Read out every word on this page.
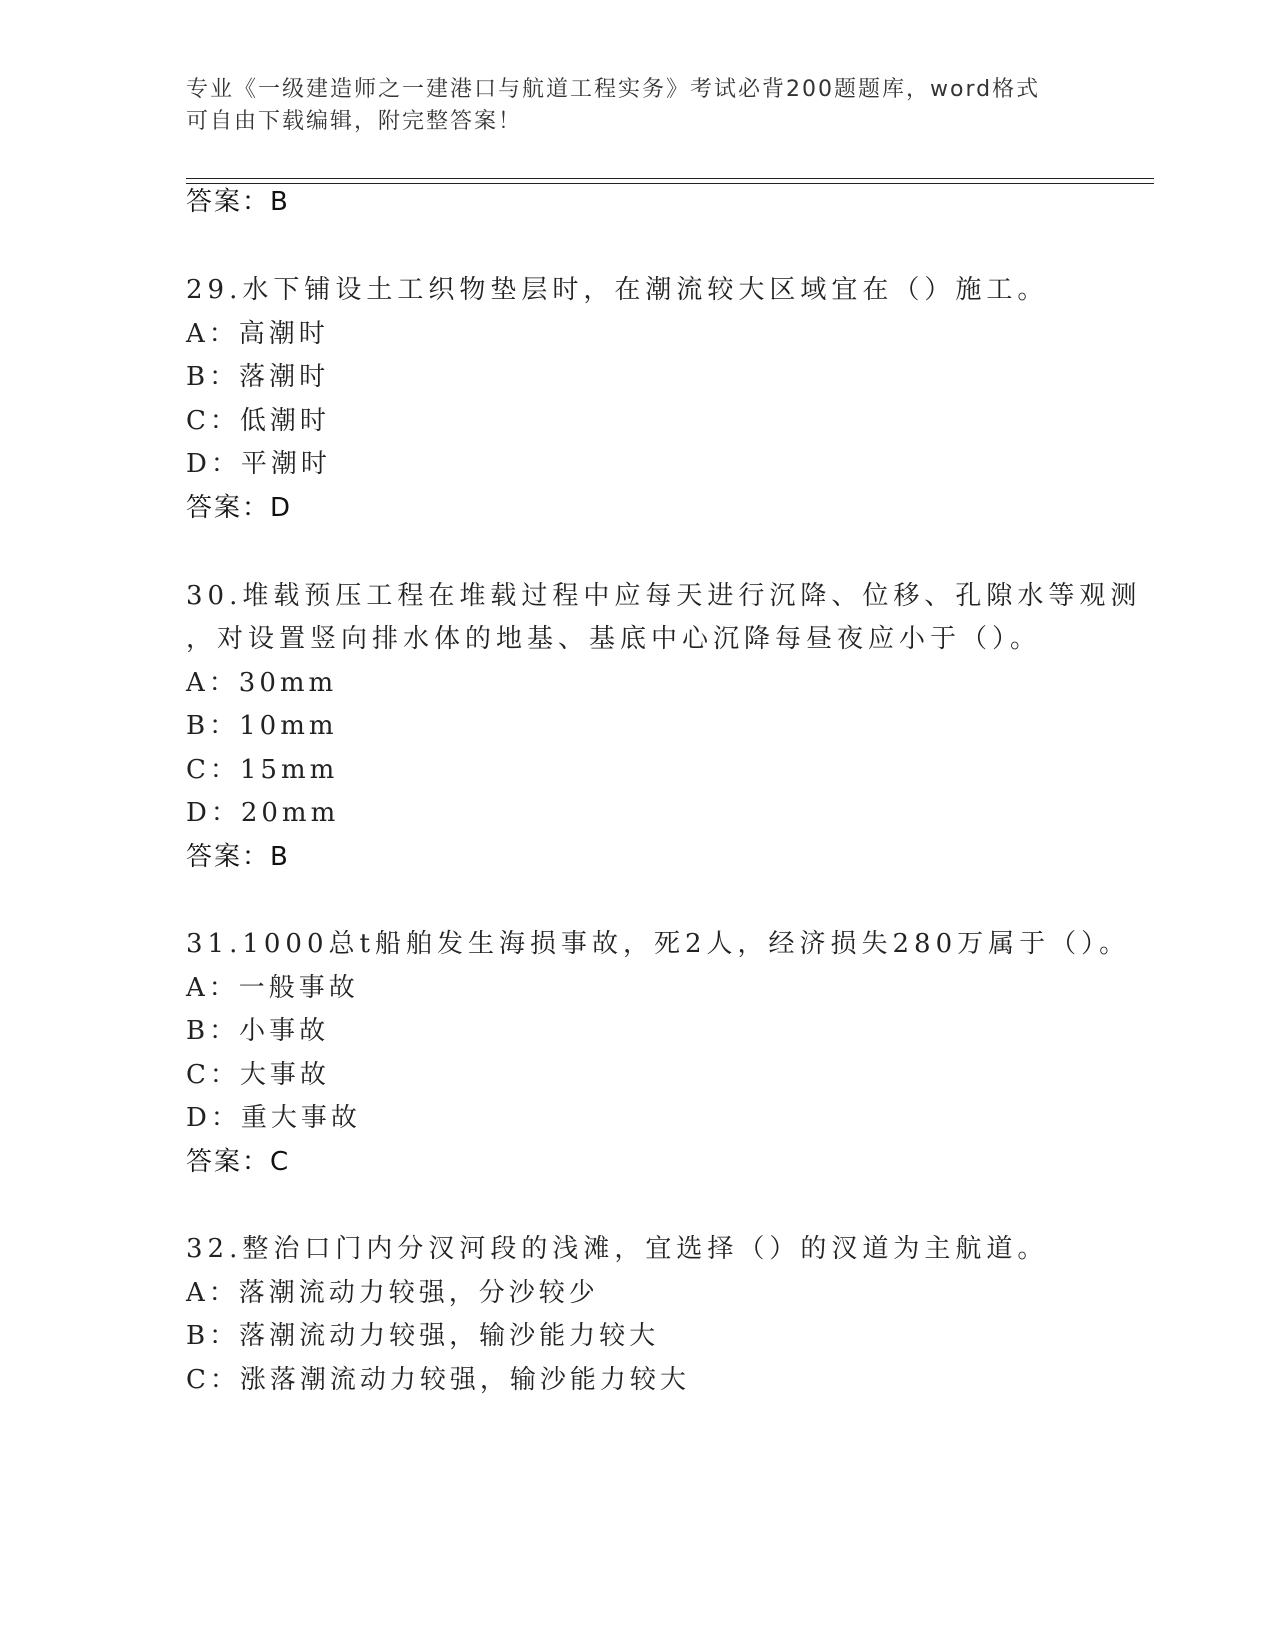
专业《一级建造师之一建港口与航道工程实务》考试必背200题题库，word格式
可自由下载编辑，附完整答案！
答案：B
29.水下铺设土工织物垫层时，在潮流较大区域宜在（）施工。
A：高潮时
B：落潮时
C：低潮时
D：平潮时
答案：D
30.堆载预压工程在堆载过程中应每天进行沉降、位移、孔隙水等观测
，对设置竖向排水体的地基、基底中心沉降每昼夜应小于（）。
A：30mm
B：10mm
C：15mm
D：20mm
答案：B
31.1000总t船舶发生海损事故，死2人，经济损失280万属于（）。
A：一般事故
B：小事故
C：大事故
D：重大事故
答案：C
32.整治口门内分汊河段的浅滩，宜选择（）的汊道为主航道。
A：落潮流动力较强，分沙较少
B：落潮流动力较强，输沙能力较大
C：涨落潮流动力较强，输沙能力较大
